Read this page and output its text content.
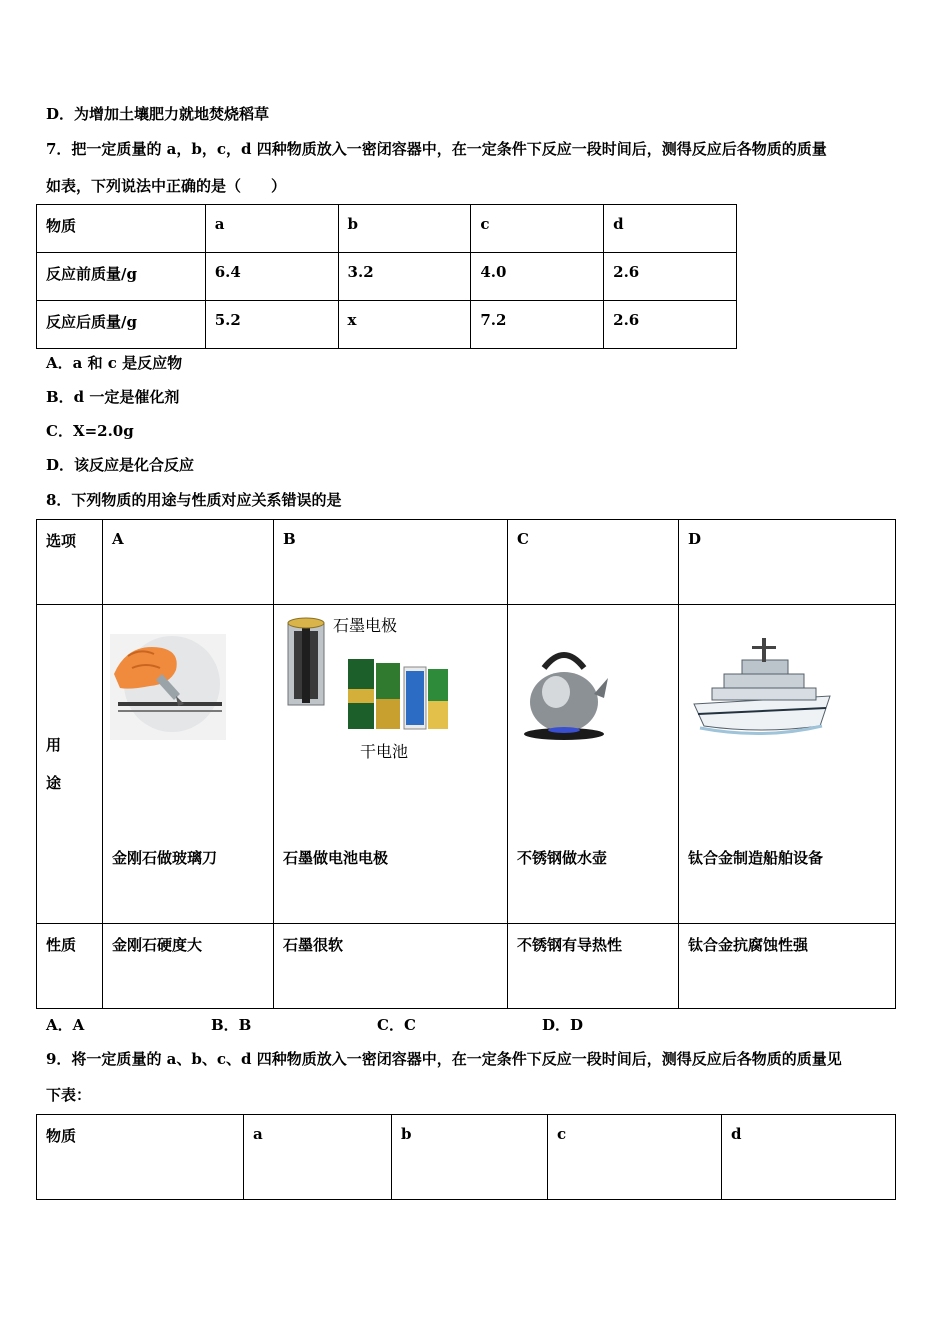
D．为增加土壤肥力就地焚烧稻草
7．把一定质量的 a，b，c，d 四种物质放入一密闭容器中，在一定条件下反应一段时间后，测得反应后各物质的质量
如表，下列说法中正确的是（　　）
物质	a	b	c	d

反应前质量/g	6.4	3.2	4.0	2.6

反应后质量/g	5.2	x	7.2	2.6
A．a 和 c 是反应物
B．d 一定是催化剂
C．X=2.0g
D．该反应是化合反应
8．下列物质的用途与性质对应关系错误的是
选项	A	B	C	D

用
途	金刚石做玻璃刀	石墨做电池电极	不锈钢做水壶	钛合金制造船舶设备

性质	金刚石硬度大	石墨很软	不锈钢有导热性	钛合金抗腐蚀性强
石墨电极
干电池
A．A	B．B	C．C	D．D
9．将一定质量的 a、b、c、d 四种物质放入一密闭容器中，在一定条件下反应一段时间后，测得反应后各物质的质量见
下表：
物质	a	b	c	d
